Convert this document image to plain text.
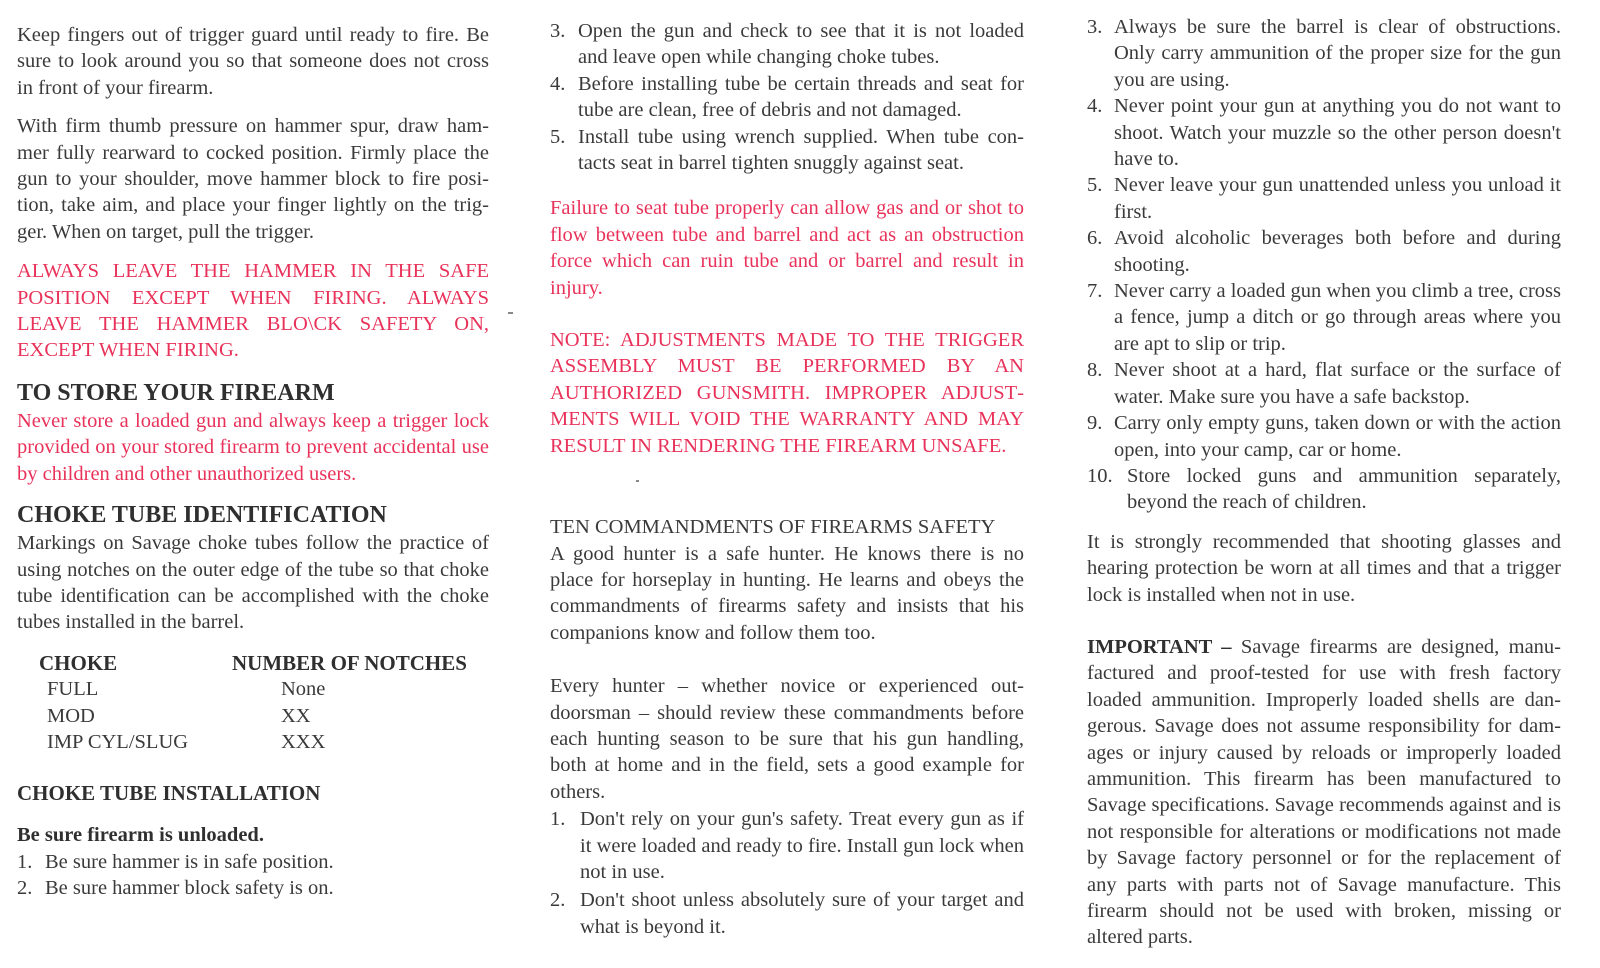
Keep fingers out of trigger guard until ready to fire. Be sure to look around you so that someone does not cross in front of your firearm.

With firm thumb pressure on hammer spur, draw hammer fully rearward to cocked position. Firmly place the gun to your shoulder, move hammer block to fire position, take aim, and place your finger lightly on the trigger. When on target, pull the trigger.

ALWAYS LEAVE THE HAMMER IN THE SAFE POSITION EXCEPT WHEN FIRING. ALWAYS LEAVE THE HAMMER BLO\CK SAFETY ON, EXCEPT WHEN FIRING.

TO STORE YOUR FIREARM

Never store a loaded gun and always keep a trigger lock provided on your stored firearm to prevent accidental use by children and other unauthorized users.

CHOKE TUBE IDENTIFICATION

Markings on Savage choke tubes follow the practice of using notches on the outer edge of the tube so that choke tube identification can be accomplished with the choke tubes installed in the barrel.

CHOKE	NUMBER OF NOTCHES
FULL	None
MOD	XX
IMP CYL/SLUG	XXX
CHOKE TUBE INSTALLATION

Be sure firearm is unloaded.

1. Be sure hammer is in safe position.
2. Be sure hammer block safety is on.
3. Open the gun and check to see that it is not loaded and leave open while changing choke tubes.
4. Before installing tube be certain threads and seat for tube are clean, free of debris and not damaged.
5. Install tube using wrench supplied. When tube contacts seat in barrel tighten snuggly against seat.

Failure to seat tube properly can allow gas and or shot to flow between tube and barrel and act as an obstruction force which can ruin tube and or barrel and result in injury.

NOTE: ADJUSTMENTS MADE TO THE TRIGGER ASSEMBLY MUST BE PERFORMED BY AN AUTHORIZED GUNSMITH. IMPROPER ADJUSTMENTS WILL VOID THE WARRANTY AND MAY RESULT IN RENDERING THE FIREARM UNSAFE.

TEN COMMANDMENTS OF FIREARMS SAFETY

A good hunter is a safe hunter. He knows there is no place for horseplay in hunting. He learns and obeys the commandments of firearms safety and insists that his companions know and follow them too.

Every hunter – whether novice or experienced outdoorsman – should review these commandments before each hunting season to be sure that his gun handling, both at home and in the field, sets a good example for others.

1. Don't rely on your gun's safety. Treat every gun as if it were loaded and ready to fire. Install gun lock when not in use.
2. Don't shoot unless absolutely sure of your target and what is beyond it.
3. Always be sure the barrel is clear of obstructions. Only carry ammunition of the proper size for the gun you are using.
4. Never point your gun at anything you do not want to shoot. Watch your muzzle so the other person doesn't have to.
5. Never leave your gun unattended unless you unload it first.
6. Avoid alcoholic beverages both before and during shooting.
7. Never carry a loaded gun when you climb a tree, cross a fence, jump a ditch or go through areas where you are apt to slip or trip.
8. Never shoot at a hard, flat surface or the surface of water. Make sure you have a safe backstop.
9. Carry only empty guns, taken down or with the action open, into your camp, car or home.
10. Store locked guns and ammunition separately, beyond the reach of children.

It is strongly recommended that shooting glasses and hearing protection be worn at all times and that a trigger lock is installed when not in use.

IMPORTANT – Savage firearms are designed, manufactured and proof-tested for use with fresh factory loaded ammunition. Improperly loaded shells are dangerous. Savage does not assume responsibility for damages or injury caused by reloads or improperly loaded ammunition. This firearm has been manufactured to Savage specifications. Savage recommends against and is not responsible for alterations or modifications not made by Savage factory personnel or for the replacement of any parts with parts not of Savage manufacture. This firearm should not be used with broken, missing or altered parts.
